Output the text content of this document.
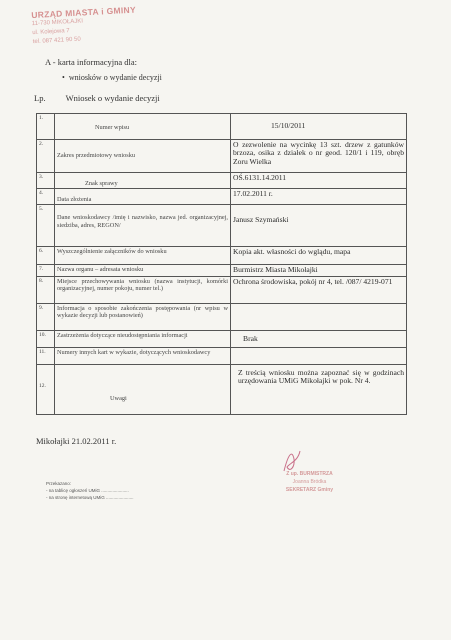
URZĄD MIASTA i GMINY
11-730 MIKOŁAJKI
ul. Kolejowa 7
tel. 087 421 90 50
A - karta informacyjna dla:
•  wniosków o wydanie decyzji
Lp. Wniosek o wydanie decyzji
1.	Numer wpisu	15/10/2011
2.	Zakres przedmiotowy wniosku	O zezwolenie na wycinkę 13 szt. drzew z gatunków brzoza, osika z działek o nr geod. 120/1 i 119, obręb Zoru Wielka
3.	Znak sprawy	OŚ.6131.14.2011
4.	Data złożenia	17.02.2011 r.
5.	Dane wnioskodawcy /imię i nazwisko, nazwa jed. organizacyjnej, siedziba, adres, REGON/	Janusz Szymański
6.	Wyszczególnienie załączników do wniosku	Kopia akt. własności do wglądu, mapa
7.	Nazwa organu – adresata wniosku	Burmistrz Miasta Mikołajki
8.	Miejsce przechowywania wniosku (nazwa instytucji, komórki organizacyjnej, numer pokoju, numer tel.)	Ochrona środowiska, pokój nr 4, tel. /087/ 4219-071
9.	Informacja o sposobie zakończenia postępowania (nr wpisu w wykazie decyzji lub postanowień)	
10.	Zastrzeżenia dotyczące nieudostępniania informacji	Brak
11.	Numery innych kart w wykazie, dotyczących wnioskodawcy	
12.	Uwagi	Z treścią wniosku można zapoznać się w godzinach urzędowania UMiG Mikołajki w pok. Nr 4.
Mikołajki 21.02.2011 r.
Z up. BURMISTRZA
Joanna Bródka
SEKRETARZ Gminy
Przekazano:
- na tablicę ogłoszeń UMiG ......................
- na stronę internetową UMiG ......................
